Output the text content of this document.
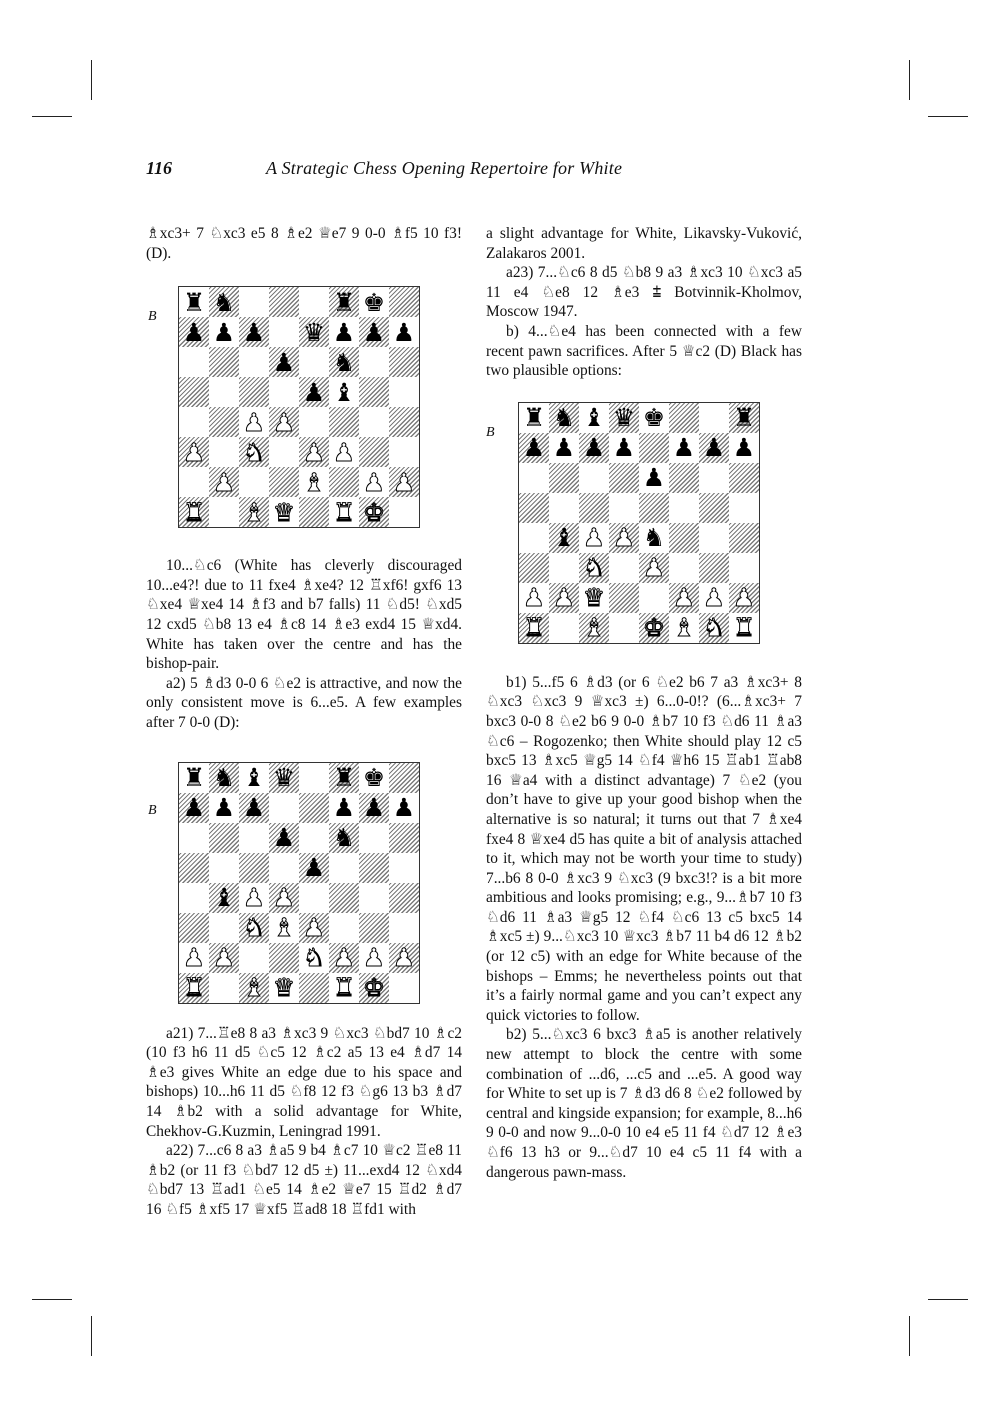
116	A Strategic Chess Opening Repertoire for White

♗xc3+ 7 ♘xc3 e5 8 ♗e2 ♕e7 9 0-0 ♗f5 10 f3! (D).

B ♜ ♞	♜ ♚
♟ ♟ ♟ ♛ ♟ ♟ ♟
♟ ♞
♟ ♝
♟ ♟
♟ ♞ ♟ ♟
♟	♝ ♟ ♟
♜ ♝ ♛ ♜ ♚

10...♘c6 (White has cleverly discouraged 10...e4?! due to 11 fxe4 ♗xe4? 12 ♖xf6! gxf6 13 ♘xe4 ♕xe4 14 ♗f3 and b7 falls) 11 ♘d5! ♘xd5 12 cxd5 ♘b8 13 e4 ♗c8 14 ♗e3 exd4 15 ♕xd4. White has taken over the centre and has the bishop-pair.

a2) 5 ♗d3 0-0 6 ♘e2 is attractive, and now the only consistent move is 6...e5. A few examples after 7 0-0 (D):

B
♜ ♞ ♝ ♛ ♜ ♚
♟ ♟ ♟	♟ ♟ ♟
♟ ♞
♟
♝ ♟ ♟
♞ ♝ ♟
♟ ♟	♞ ♟ ♟ ♟
♜ ♝ ♛ ♜ ♚

a21) 7...♖e8 8 a3 ♗xc3 9 ♘xc3 ♘bd7 10 ♗c2 (10 f3 h6 11 d5 ♘c5 12 ♗c2 a5 13 e4 ♗d7 14 ♗e3 gives White an edge due to his space and bishops) 10...h6 11 d5 ♘f8 12 f3 ♘g6 13 b3 ♗d7 14 ♗b2 with a solid advantage for White, Chekhov-G.Kuzmin, Leningrad 1991.

a22) 7...c6 8 a3 ♗a5 9 b4 ♗c7 10 ♕c2 ♖e8 11 ♗b2 (or 11 f3 ♘bd7 12 d5 ±) 11...exd4 12 ♘xd4 ♘bd7 13 ♖ad1 ♘e5 14 ♗e2 ♕e7 15 ♖d2 ♗d7 16 ♘f5 ♗xf5 17 ♕xf5 ♖ad8 18 ♖fd1 with

a slight advantage for White, Likavsky-Vuković, Zalakaros 2001.

a23) 7...♘c6 8 d5 ♘b8 9 a3 ♗xc3 10 ♘xc3 a5 11 e4 ♘e8 12 ♗e3 ⩲ Botvinnik-Kholmov, Moscow 1947.

b) 4...♘e4 has been connected with a few recent pawn sacrifices. After 5 ♕c2 (D) Black has two plausible options:

B ♜ ♞ ♝ ♛ ♚	♜
♟ ♟ ♟ ♟ ♟ ♟ ♟
♟
♝ ♟ ♟ ♞
♞ ♟
♟ ♟ ♛	♟ ♟ ♟
♜ ♝ ♚ ♝ ♞ ♜

b1) 5...f5 6 ♗d3 (or 6 ♘e2 b6 7 a3 ♗xc3+ 8 ♘xc3 ♘xc3 9 ♕xc3 ±) 6...0-0!? (6...♗xc3+ 7 bxc3 0-0 8 ♘e2 b6 9 0-0 ♗b7 10 f3 ♘d6 11 ♗a3 ♘c6 – Rogozenko; then White should play 12 c5 bxc5 13 ♗xc5 ♕g5 14 ♘f4 ♕h6 15 ♖ab1 ♖ab8 16 ♕a4 with a distinct advantage) 7 ♘e2 (you don’t have to give up your good bishop when the alternative is so natural; it turns out that 7 ♗xe4 fxe4 8 ♕xe4 d5 has quite a bit of analysis attached to it, which may not be worth your time to study) 7...b6 8 0-0 ♗xc3 9 ♘xc3 (9 bxc3!? is a bit more ambitious and looks promising; e.g., 9...♗b7 10 f3 ♘d6 11 ♗a3 ♕g5 12 ♘f4 ♘c6 13 c5 bxc5 14 ♗xc5 ±) 9...♘xc3 10 ♕xc3 ♗b7 11 b4 d6 12 ♗b2 (or 12 c5) with an edge for White because of the bishops – Emms; he nevertheless points out that it’s a fairly normal game and you can’t expect any quick victories to follow.

b2) 5...♘xc3 6 bxc3 ♗a5 is another relatively new attempt to block the centre with some combination of ...d6, ...c5 and ...e5. A good way for White to set up is 7 ♗d3 d6 8 ♘e2 followed by central and kingside expansion; for example, 8...h6 9 0-0 and now 9...0-0 10 e4 e5 11 f4 ♘d7 12 ♗e3 ♘f6 13 h3 or 9...♘d7 10 e4 c5 11 f4 with a dangerous pawn-mass.
